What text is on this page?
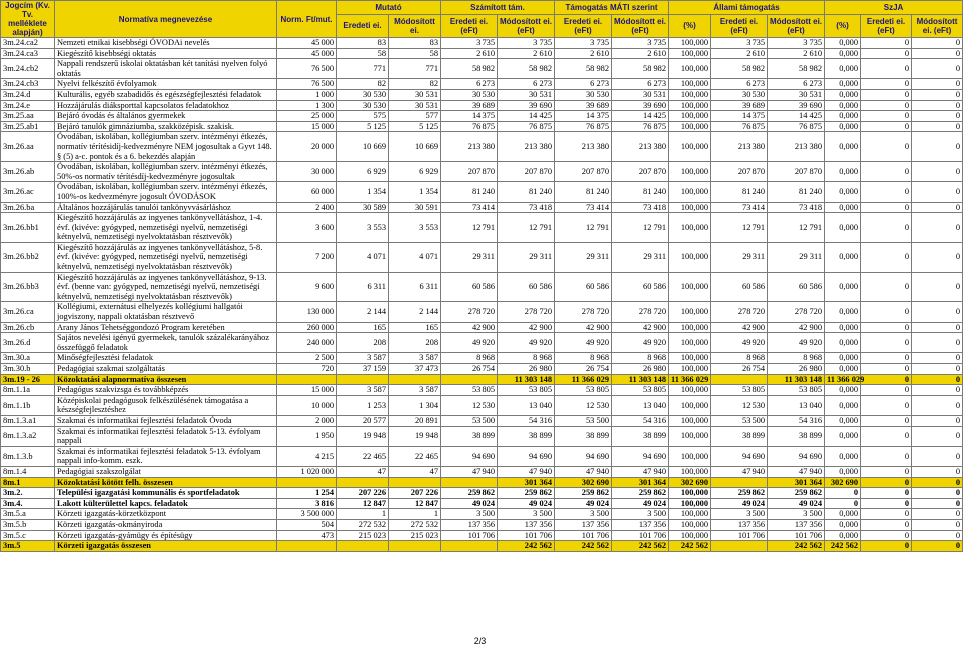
Jogcím (Kv. Tv. melléklete alapján)	Normatíva megnevezése	Norm. Ft/mut.	Mutató		Számított tám.		Támogatás MÁTI szerint		Állami támogatás			SzJA		
			Eredeti ei.	Módosított ei.	Eredeti ei. (eFt)	Módosított ei. (eFt)	Eredeti ei. (eFt)	Módosított ei. (eFt)	(%)	Eredeti ei. (eFt)	Módosított ei. (eFt)	(%)	Eredeti ei. (eFt)	Módosított ei. (eFt)
3m.24.ca2	Nemzeti etnikai kisebbségi ÓVODAi nevelés	45 000	83	83	3 735	3 735	3 735	3 735	100,000	3 735	3 735	0,000	0	0
3m.24.ca3	Kiegészítő kisebbségi oktatás	45 000	58	58	2 610	2 610	2 610	2 610	100,000	2 610	2 610	0,000	0	0
3m.24.cb2	Nappali rendszerű iskolai oktatásban két tanítási nyelven folyó oktatás	76 500	771	771	58 982	58 982	58 982	58 982	100,000	58 982	58 982	0,000	0	0
3m.24.cb3	Nyelvi felkészítő évfolyamok	76 500	82	82	6 273	6 273	6 273	6 273	100,000	6 273	6 273	0,000	0	0
3m.24.d	Kulturális, egyéb szabadidős és egészségfejlesztési feladatok	1 000	30 530	30 531	30 530	30 531	30 530	30 531	100,000	30 530	30 531	0,000	0	0
3m.24.e	Hozzájárulás diáksporttal kapcsolatos feladatokhoz	1 300	30 530	30 531	39 689	39 690	39 689	39 690	100,000	39 689	39 690	0,000	0	0
3m.25.aa	Bejáró óvodás és általános gyermekek	25 000	575	577	14 375	14 425	14 375	14 425	100,000	14 375	14 425	0,000	0	0
3m.25.ab1	Bejáró tanulók gimnáziumba, szakközépisk. szakisk.	15 000	5 125	5 125	76 875	76 875	76 875	76 875	100,000	76 875	76 875	0,000	0	0
3m.26.aa	Óvodában, iskolában, kollégiumban szerv. intézményi étkezés, normatív térítésidíj-kedvezményre NEM jogosultak a Gyvt 148. § (5) a-c. pontok és a 6. bekezdés alapján	20 000	10 669	10 669	213 380	213 380	213 380	213 380	100,000	213 380	213 380	0,000	0	0
3m.26.ab	Óvodában, iskolában, kollégiumban szerv. intézményi étkezés, 50%-os normatív térítésdíj-kedvezményre jogosultak	30 000	6 929	6 929	207 870	207 870	207 870	207 870	100,000	207 870	207 870	0,000	0	0
3m.26.ac	Óvodában, iskolában, kollégiumban szerv. intézményi étkezés, 100%-os kedvezményre jogosult ÓVODÁSOK	60 000	1 354	1 354	81 240	81 240	81 240	81 240	100,000	81 240	81 240	0,000	0	0
3m.26.ba	Általános hozzájárulás tanulói tankönyvvásárláshoz	2 400	30 589	30 591	73 414	73 418	73 414	73 418	100,000	73 414	73 418	0,000	0	0
3m.26.bb1	Kiegészítő hozzájárulás az ingyenes tankönyvellátáshoz, 1-4. évf. (kivéve: gyógyped, nemzetiségi nyelvű, nemzetiségi kétnyelvű, nemzetiségi nyelvoktatásban résztvevők)	3 600	3 553	3 553	12 791	12 791	12 791	12 791	100,000	12 791	12 791	0,000	0	0
3m.26.bb2	Kiegészítő hozzájárulás az ingyenes tankönyvellátáshoz, 5-8. évf. (kivéve: gyógyped, nemzetiségi nyelvű, nemzetiségi kétnyelvű, nemzetiségi nyelvoktatásban résztvevők)	7 200	4 071	4 071	29 311	29 311	29 311	29 311	100,000	29 311	29 311	0,000	0	0
3m.26.bb3	Kiegészítő hozzájárulás az ingyenes tankönyvellátáshoz, 9-13. évf. (benne van: gyógyped, nemzetiségi nyelvű, nemzetiségi kétnyelvű, nemzetiségi nyelvoktatásban résztvevők)	9 600	6 311	6 311	60 586	60 586	60 586	60 586	100,000	60 586	60 586	0,000	0	0
3m.26.ca	Kollégiumi, externátusi elhelyezés kollégiumi hallgatói jogviszony, nappali oktatásban résztvevő	130 000	2 144	2 144	278 720	278 720	278 720	278 720	100,000	278 720	278 720	0,000	0	0
3m.26.cb	Arany János Tehetséggondozó Program keretében	260 000	165	165	42 900	42 900	42 900	42 900	100,000	42 900	42 900	0,000	0	0
3m.26.d	Sajátos nevelési igényű gyermekek, tanulók százalékarányához összefüggő feladatok	240 000	208	208	49 920	49 920	49 920	49 920	100,000	49 920	49 920	0,000	0	0
3m.30.a	Minőségfejlesztési feladatok	2 500	3 587	3 587	8 968	8 968	8 968	8 968	100,000	8 968	8 968	0,000	0	0
3m.30.b	Pedagógiai szakmai szolgáltatás	720	37 159	37 473	26 754	26 980	26 754	26 980	100,000	26 754	26 980	0,000	0	0
3m.19 - 26	Közoktatási alapnormatíva összesen					11 303 148	11 366 029	11 303 148	11 366 029		11 303 148	11 366 029	0	0
8m.1.1a	Pedagógus szakvizsga és továbbképzés	15 000	3 587	3 587	53 805	53 805	53 805	53 805	100,000	53 805	53 805	0,000	0	0
8m.1.1b	Középiskolai pedagógusok felkészülésének támogatása a készségfejlesztéshez	10 000	1 253	1 304	12 530	13 040	12 530	13 040	100,000	12 530	13 040	0,000	0	0
8m.1.3.a1	Szakmai és informatikai fejlesztési feladatok Óvoda	2 000	20 577	20 891	53 500	54 316	53 500	54 316	100,000	53 500	54 316	0,000	0	0
8m.1.3.a2	Szakmai és informatikai fejlesztési feladatok 5-13. évfolyam nappali	1 950	19 948	19 948	38 899	38 899	38 899	38 899	100,000	38 899	38 899	0,000	0	0
8m.1.3.b	Szakmai és informatikai fejlesztési feladatok 5-13. évfolyam nappali info-komm. eszk.	4 215	22 465	22 465	94 690	94 690	94 690	94 690	100,000	94 690	94 690	0,000	0	0
8m.1.4	Pedagógiai szakszolgálat	1 020 000	47	47	47 940	47 940	47 940	47 940	100,000	47 940	47 940	0,000	0	0
8m.1	Közoktatási kötött felh. összesen					301 364	302 690	301 364	302 690		301 364	302 690	0	0
3m.2.	Települési igazgatási kommunális és sportfeladatok	1 254	207 226	207 226	259 862	259 862	259 862	259 862	100,000	259 862	259 862	0	0	0
3m.4.	Lakott külterülettel kapcs. feladatok	3 816	12 847	12 847	49 024	49 024	49 024	49 024	100,000	49 024	49 024	0	0	0
3m.5.a	Körzeti igazgatás-körzetközpont	3 500 000	1	1	3 500	3 500	3 500	3 500	100,000	3 500	3 500	0,000	0	0
3m.5.b	Körzeti igazgatás-okmányiroda	504	272 532	272 532	137 356	137 356	137 356	137 356	100,000	137 356	137 356	0,000	0	0
3m.5.c	Körzeti igazgatás-gyámügy és építésügy	473	215 023	215 023	101 706	101 706	101 706	101 706	100,000	101 706	101 706	0,000	0	0
3m.5	Körzeti igazgatás összesen					242 562	242 562	242 562	242 562		242 562	242 562	0	0
2/3
